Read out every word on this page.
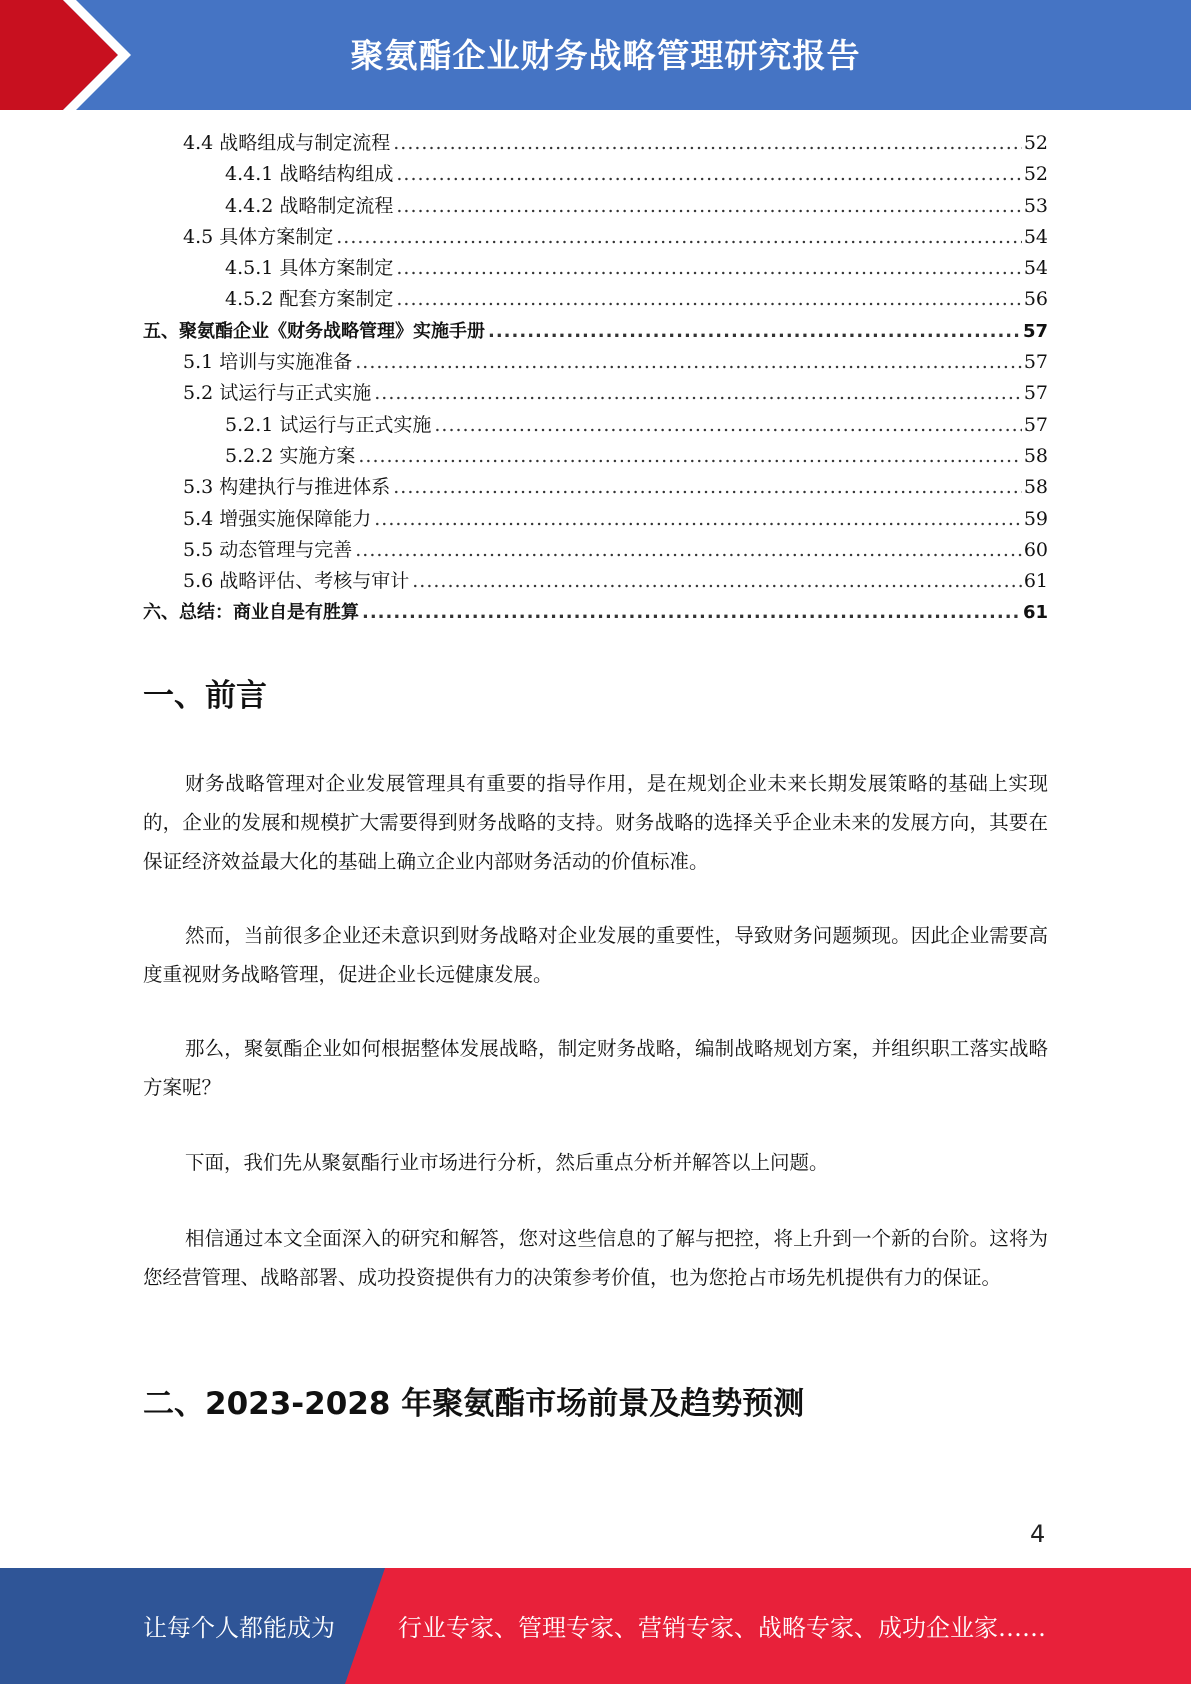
聚氨酯企业财务战略管理研究报告
4.4 战略组成与制定流程 .....	52
4.4.1 战略结构组成 .....	52
4.4.2 战略制定流程 .....	53
4.5 具体方案制定 .....	54
4.5.1 具体方案制定 .....	54
4.5.2 配套方案制定 .....	56
五、聚氨酯企业《财务战略管理》实施手册 .....	57
5.1 培训与实施准备 .....	57
5.2 试运行与正式实施 .....	57
5.2.1 试运行与正式实施 .....	57
5.2.2 实施方案 .....	58
5.3 构建执行与推进体系 .....	58
5.4 增强实施保障能力 .....	59
5.5 动态管理与完善 .....	60
5.6 战略评估、考核与审计 .....	61
六、总结：商业自是有胜算 .....	61
一、前言
财务战略管理对企业发展管理具有重要的指导作用，是在规划企业未来长期发展策略的基础上实现的，企业的发展和规模扩大需要得到财务战略的支持。财务战略的选择关乎企业未来的发展方向，其要在保证经济效益最大化的基础上确立企业内部财务活动的价值标准。
然而，当前很多企业还未意识到财务战略对企业发展的重要性，导致财务问题频现。因此企业需要高度重视财务战略管理，促进企业长远健康发展。
那么，聚氨酯企业如何根据整体发展战略，制定财务战略，编制战略规划方案，并组织职工落实战略方案呢？
下面，我们先从聚氨酯行业市场进行分析，然后重点分析并解答以上问题。
相信通过本文全面深入的研究和解答，您对这些信息的了解与把控，将上升到一个新的台阶。这将为您经营管理、战略部署、成功投资提供有力的决策参考价值，也为您抢占市场先机提供有力的保证。
二、2023-2028 年聚氨酯市场前景及趋势预测
4
让每个人都能成为	行业专家、管理专家、营销专家、战略专家、成功企业家……
